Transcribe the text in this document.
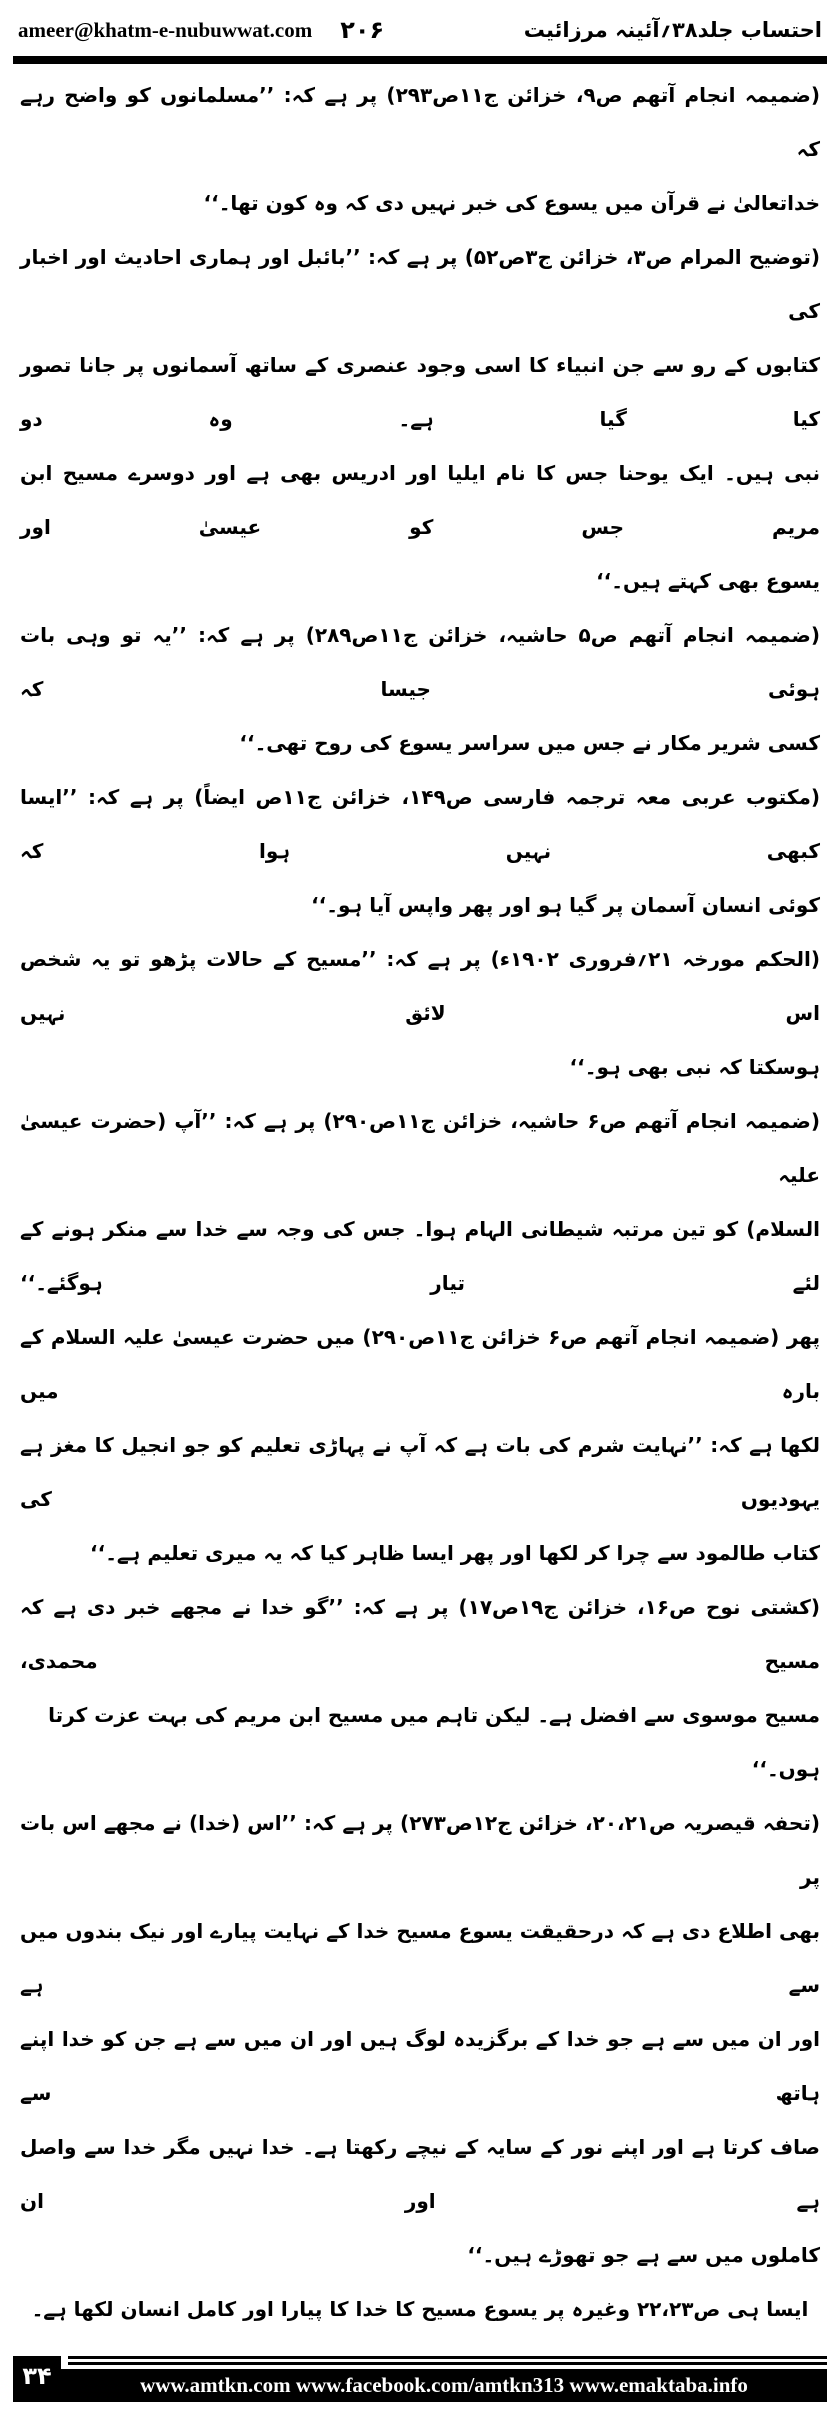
ameer@khatm-e-nubuwwat.com ۲۰۶	احتساب جلد۳۸؍آئینہ مرزائیت
(ضمیمہ انجام آتھم ص۹، خزائن ج۱۱ص۲۹۳) پر ہے کہ: ’’مسلمانوں کو واضح رہے کہ
خداتعالیٰ نے قرآن میں یسوع کی خبر نہیں دی کہ وہ کون تھا۔‘‘
(توضیح المرام ص۳، خزائن ج۳ص۵۲) پر ہے کہ: ’’بائبل اور ہماری احادیث اور اخبار کی
کتابوں کے رو سے جن انبیاء کا اسی وجود عنصری کے ساتھ آسمانوں پر جانا تصور کیا گیا ہے۔ وہ دو
نبی ہیں۔ ایک یوحنا جس کا نام ایلیا اور ادریس بھی ہے اور دوسرے مسیح ابن مریم جس کو عیسیٰ اور
یسوع بھی کہتے ہیں۔‘‘
(ضمیمہ انجام آتھم ص۵ حاشیہ، خزائن ج۱۱ص۲۸۹) پر ہے کہ: ’’یہ تو وہی بات ہوئی جیسا کہ
کسی شریر مکار نے جس میں سراسر یسوع کی روح تھی۔‘‘
(مکتوب عربی معہ ترجمہ فارسی ص۱۴۹، خزائن ج۱۱ص ایضاً) پر ہے کہ: ’’ایسا کبھی نہیں ہوا کہ
کوئی انسان آسمان پر گیا ہو اور پھر واپس آیا ہو۔‘‘
(الحکم مورخہ ۲۱؍فروری ۱۹۰۲ء) پر ہے کہ: ’’مسیح کے حالات پڑھو تو یہ شخص اس لائق نہیں
ہوسکتا کہ نبی بھی ہو۔‘‘
(ضمیمہ انجام آتھم ص۶ حاشیہ، خزائن ج۱۱ص۲۹۰) پر ہے کہ: ’’آپ (حضرت عیسیٰ علیہ
السلام) کو تین مرتبہ شیطانی الہام ہوا۔ جس کی وجہ سے خدا سے منکر ہونے کے لئے تیار ہوگئے۔‘‘
پھر (ضمیمہ انجام آتھم ص۶ خزائن ج۱۱ص۲۹۰) میں حضرت عیسیٰ علیہ السلام کے بارہ میں
لکھا ہے کہ: ’’نہایت شرم کی بات ہے کہ آپ نے پہاڑی تعلیم کو جو انجیل کا مغز ہے یہودیوں کی
کتاب طالمود سے چرا کر لکھا اور پھر ایسا ظاہر کیا کہ یہ میری تعلیم ہے۔‘‘
(کشتی نوح ص۱۶، خزائن ج۱۹ص۱۷) پر ہے کہ: ’’گو خدا نے مجھے خبر دی ہے کہ مسیح محمدی،
مسیح موسوی سے افضل ہے۔ لیکن تاہم میں مسیح ابن مریم کی بہت عزت کرتا ہوں۔‘‘
(تحفہ قیصریہ ص۲۰،۲۱، خزائن ج۱۲ص۲۷۳) پر ہے کہ: ’’اس (خدا) نے مجھے اس بات پر
بھی اطلاع دی ہے کہ درحقیقت یسوع مسیح خدا کے نہایت پیارے اور نیک بندوں میں سے ہے
اور ان میں سے ہے جو خدا کے برگزیدہ لوگ ہیں اور ان میں سے ہے جن کو خدا اپنے ہاتھ سے
صاف کرتا ہے اور اپنے نور کے سایہ کے نیچے رکھتا ہے۔ خدا نہیں مگر خدا سے واصل ہے اور ان
کاملوں میں سے ہے جو تھوڑے ہیں۔‘‘
ایسا ہی ص۲۲،۲۳ وغیرہ پر یسوع مسیح کا خدا کا پیارا اور کامل انسان لکھا ہے۔
۳۴	www.amtkn.com www.facebook.com/amtkn313 www.emaktaba.info
